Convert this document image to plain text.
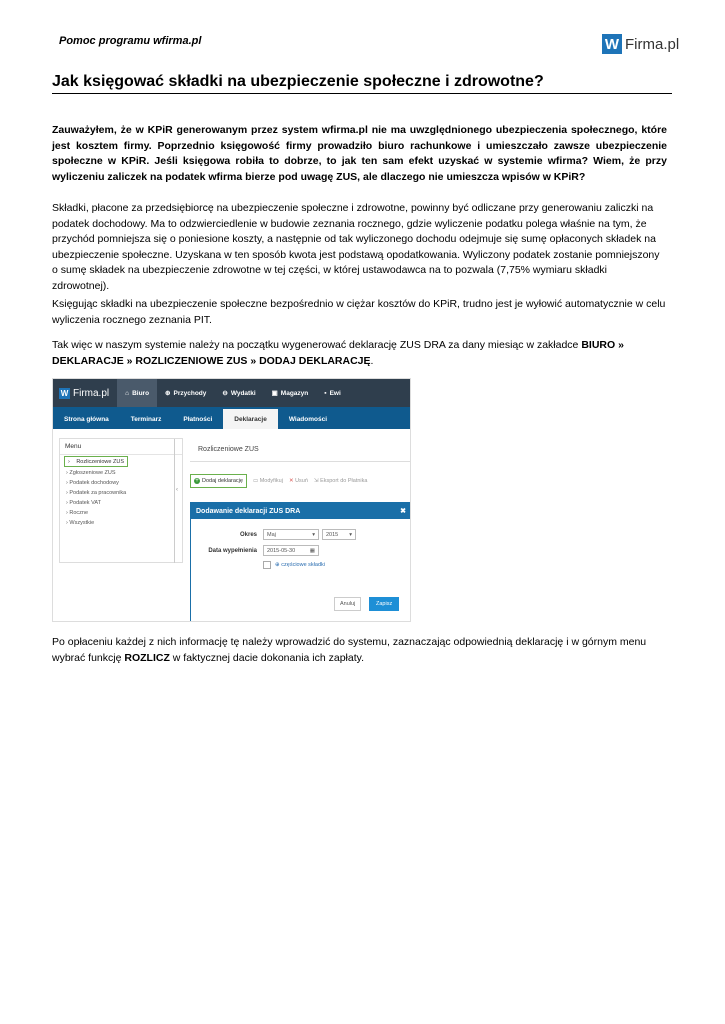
Pomoc programu wfirma.pl	W Firma.pl
Jak księgować składki na ubezpieczenie społeczne i zdrowotne?
Zauważyłem, że w KPiR generowanym przez system wfirma.pl nie ma uwzględnionego ubezpieczenia społecznego, które jest kosztem firmy. Poprzednio księgowość firmy prowadziło biuro rachunkowe i umieszczało zawsze ubezpieczenie społeczne w KPiR. Jeśli księgowa robiła to dobrze, to jak ten sam efekt uzyskać w systemie wfirma? Wiem, że przy wyliczeniu zaliczek na podatek wfirma bierze pod uwagę ZUS, ale dlaczego nie umieszcza wpisów w KPiR?
Składki, płacone za przedsiębiorcę na ubezpieczenie społeczne i zdrowotne, powinny być odliczane przy generowaniu zaliczki na podatek dochodowy. Ma to odzwierciedlenie w budowie zeznania rocznego, gdzie wyliczenie podatku polega właśnie na tym, że przychód pomniejsza się o poniesione koszty, a następnie od tak wyliczonego dochodu odejmuje się sumę opłaconych składek na ubezpieczenie społeczne. Uzyskana w ten sposób kwota jest podstawą opodatkowania. Wyliczony podatek zostanie pomniejszony o sumę składek na ubezpieczenie zdrowotne w tej części, w której ustawodawca na to pozwala (7,75% wymiaru składki zdrowotnej).
Księgując składki na ubezpieczenie społeczne bezpośrednio w ciężar kosztów do KPiR, trudno jest je wyłowić automatycznie w celu wyliczenia rocznego zeznania PIT.
Tak więc w naszym systemie należy na początku wygenerować deklarację ZUS DRA za dany miesiąc w zakładce BIURO » DEKLARACJE » ROZLICZENIOWE ZUS » DODAJ DEKLARACJĘ.
W Firma.pl ⌂ Biuro ⊕ Przychody ⊖ Wydatki ▣ Magazyn ▪ Ewi
Strona główna	Terminarz	Płatności	Deklaracje	Wiadomości
Menu
› Rozliczeniowe ZUS
› Zgłoszeniowe ZUS
› Podatek dochodowy
› Podatek za pracownika
› Podatek VAT
› Roczne
› Wszystkie
‹
Rozliczeniowe ZUS
+ Dodaj deklarację ▭ Modyfikuj ✕ Usuń ⇲ Eksport do Płatnika
Dodawanie deklaracji ZUS DRA	✖
Okres	Maj	▾ 2015 ▾
Data wypełnienia	2015-05-30	▦
⊕
częściowe składki
Anuluj	Zapisz
Po opłaceniu każdej z nich informację tę należy wprowadzić do systemu, zaznaczając odpowiednią deklarację i w górnym menu wybrać funkcję ROZLICZ w faktycznej dacie dokonania ich zapłaty.
